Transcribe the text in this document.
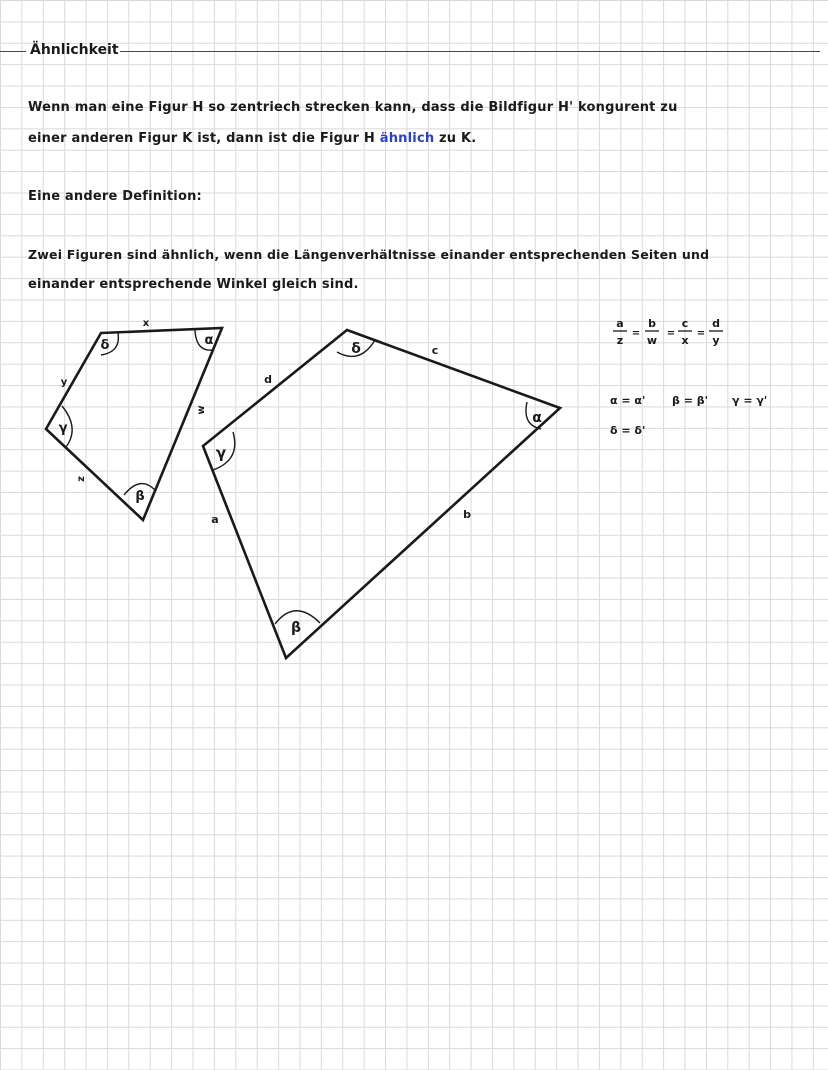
Ähnlichkeit
Wenn man eine Figur H so zentriech strecken kann, dass die Bildfigur H' kongurent zu
einer anderen Figur K ist, dann ist die Figur H ähnlich zu K.
Eine andere Definition:
Zwei Figuren sind ähnlich, wenn die Längenverhältnisse einander entsprechenden Seiten und
einander entsprechende Winkel gleich sind.
x
y
z
w
δ	α
γ
β
a	b
c
d
δ
α
γ
β
a
z
=
b
w
=
c
x
=
d
y
α = α' β = β' γ = γ'
δ = δ'
